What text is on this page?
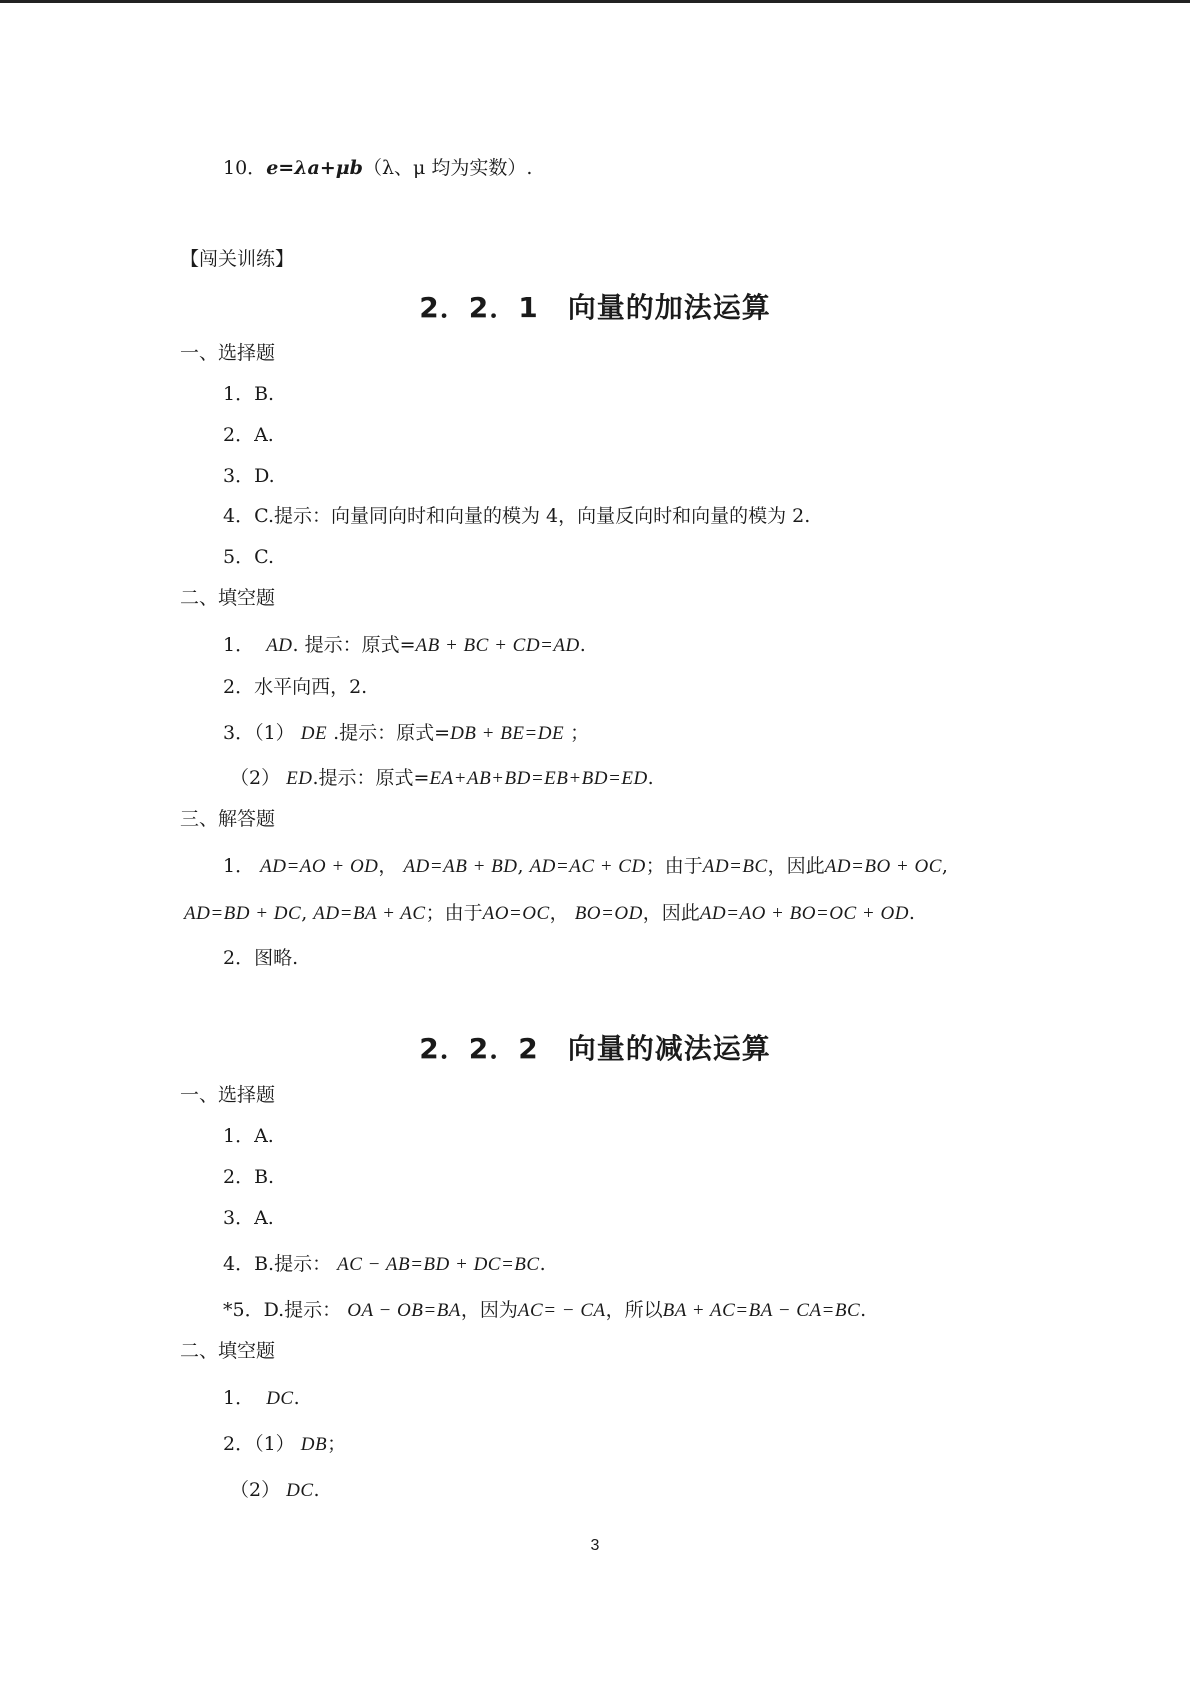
10．e=λa+μb（λ、μ 均为实数）.
【闯关训练】
2．2．1　向量的加法运算
一、选择题
1．B.
2．A.
3．D.
4．C.提示：向量同向时和向量的模为 4，向量反向时和向量的模为 2.
5．C.
二、填空题
1． AD. 提示：原式=AB + BC + CD=AD.
2．水平向西，2.
3．（1） DE .提示：原式=DB + BE=DE ；
（2） ED.提示：原式=EA+AB+BD=EB+BD=ED.
三、解答题
1． AD=AO + OD， AD=AB + BD, AD=AC + CD；由于AD=BC，因此AD=BO + OC,
AD=BD + DC, AD=BA + AC；由于AO=OC， BO=OD，因此AD=AO + BO=OC + OD.
2．图略.
2．2．2　向量的减法运算
一、选择题
1．A.
2．B.
3．A.
4．B.提示： AC − AB=BD + DC=BC.
*5．D.提示： OA − OB=BA，因为AC= − CA，所以BA + AC=BA − CA=BC.
二、填空题
1． DC.
2．（1） DB；
（2） DC.
3
